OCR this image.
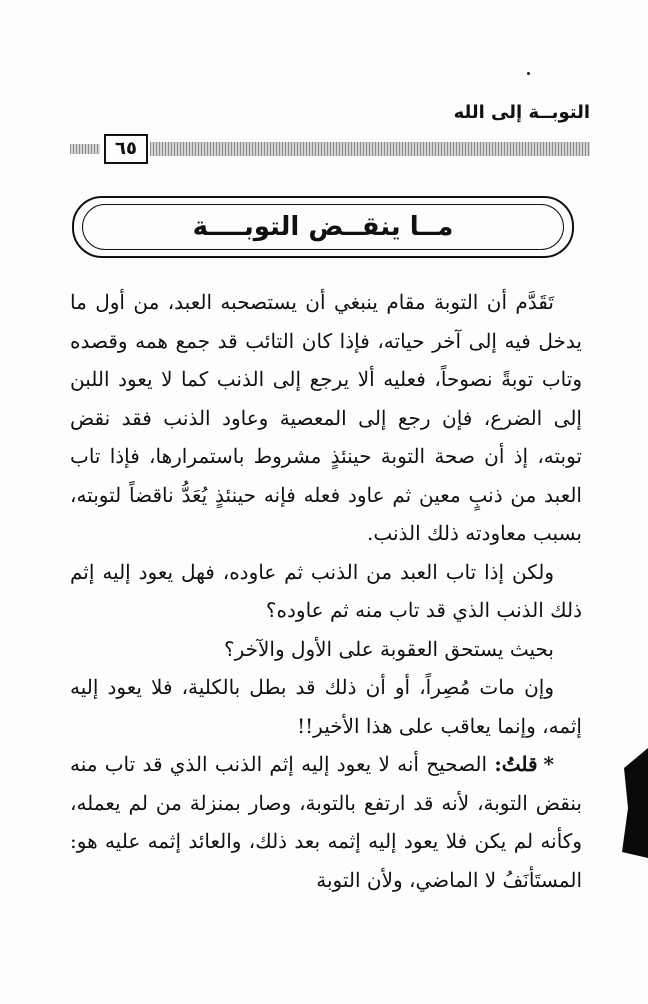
التوبــة إلى الله
٦٥
مــا ينقــض التوبــــة

تَقَدَّم أن التوبة مقام ينبغي أن يستصحبه العبد، من أول ما يدخل فيه إلى آخر حياته، فإذا كان التائب قد جمع همه وقصده وتاب توبةً نصوحاً، فعليه ألا يرجع إلى الذنب كما لا يعود اللبن إلى الضرع، فإن رجع إلى المعصية وعاود الذنب فقد نقض توبته، إذ أن صحة التوبة حينئذٍ مشروط باستمرارها، فإذا تاب العبد من ذنبٍ معين ثم عاود فعله فإنه حينئذٍ يُعَدُّ ناقضاً لتوبته، بسبب معاودته ذلك الذنب.

ولكن إذا تاب العبد من الذنب ثم عاوده، فهل يعود إليه إثم ذلك الذنب الذي قد تاب منه ثم عاوده؟

بحيث يستحق العقوبة على الأول والآخر؟

وإن مات مُصِراً، أو أن ذلك قد بطل بالكلية، فلا يعود إليه إثمه، وإنما يعاقب على هذا الأخير!!

*قلتُ: الصحيح أنه لا يعود إليه إثم الذنب الذي قد تاب منه بنقض التوبة، لأنه قد ارتفع بالتوبة، وصار بمنزلة من لم يعمله، وكأنه لم يكن فلا يعود إليه إثمه بعد ذلك، والعائد إثمه عليه هو: المستَأنَفُ لا الماضي، ولأن التوبة
